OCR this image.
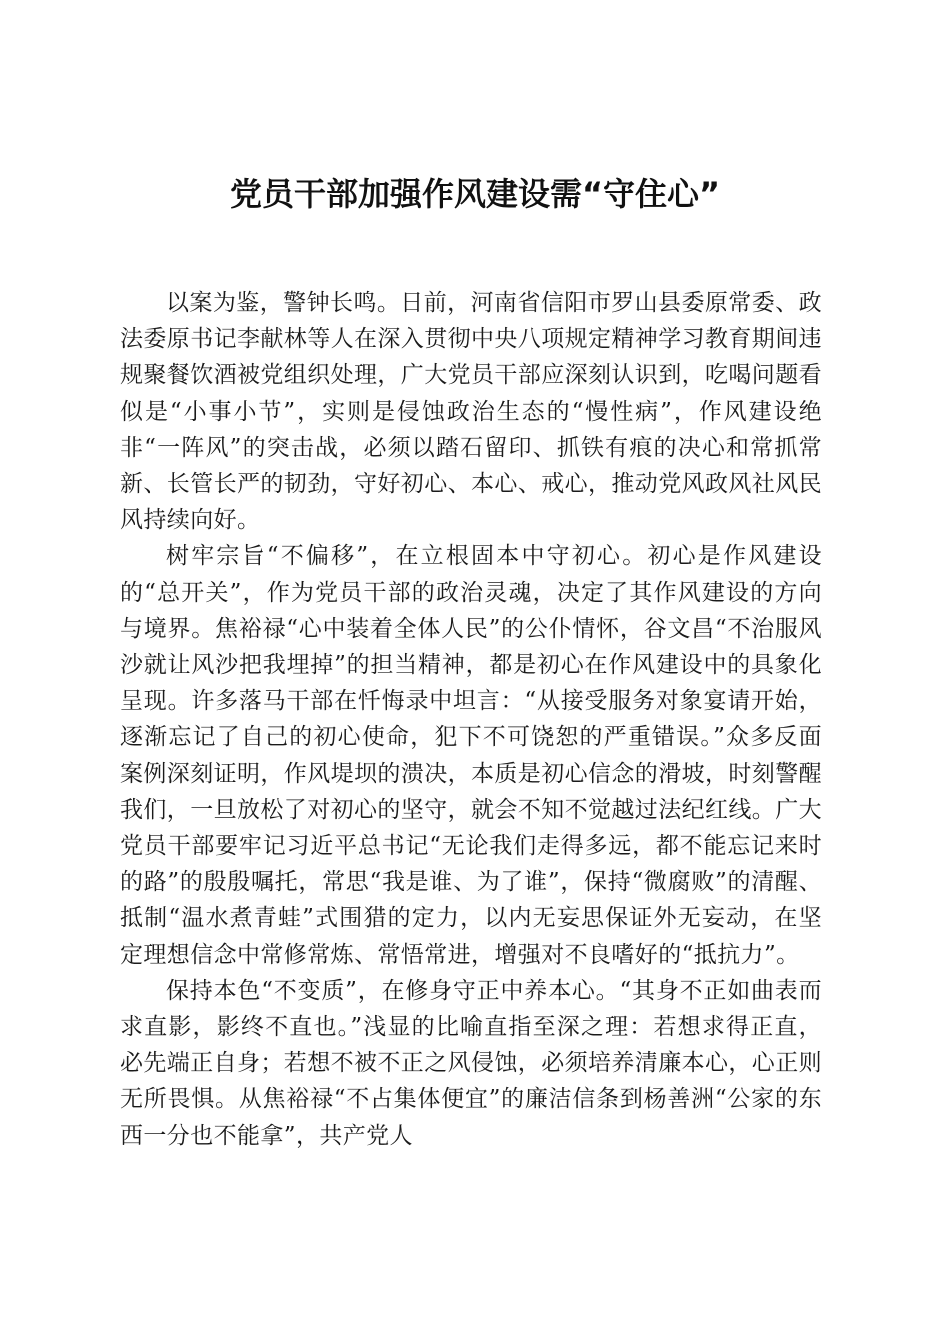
党员干部加强作风建设需“守住心”

以案为鉴，警钟长鸣。日前，河南省信阳市罗山县委原常委、政法委原书记李献林等人在深入贯彻中央八项规定精神学习教育期间违规聚餐饮酒被党组织处理，广大党员干部应深刻认识到，吃喝问题看似是“小事小节”，实则是侵蚀政治生态的“慢性病”，作风建设绝非“一阵风”的突击战，必须以踏石留印、抓铁有痕的决心和常抓常新、长管长严的韧劲，守好初心、本心、戒心，推动党风政风社风民风持续向好。

树牢宗旨“不偏移”，在立根固本中守初心。初心是作风建设的“总开关”，作为党员干部的政治灵魂，决定了其作风建设的方向与境界。焦裕禄“心中装着全体人民”的公仆情怀，谷文昌“不治服风沙就让风沙把我埋掉”的担当精神，都是初心在作风建设中的具象化呈现。许多落马干部在忏悔录中坦言：“从接受服务对象宴请开始，逐渐忘记了自己的初心使命，犯下不可饶恕的严重错误。”众多反面案例深刻证明，作风堤坝的溃决，本质是初心信念的滑坡，时刻警醒我们，一旦放松了对初心的坚守，就会不知不觉越过法纪红线。广大党员干部要牢记习近平总书记“无论我们走得多远，都不能忘记来时的路”的殷殷嘱托，常思“我是谁、为了谁”，保持“微腐败”的清醒、抵制“温水煮青蛙”式围猎的定力，以内无妄思保证外无妄动，在坚定理想信念中常修常炼、常悟常进，增强对不良嗜好的“抵抗力”。

保持本色“不变质”，在修身守正中养本心。“其身不正如曲表而求直影，影终不直也。”浅显的比喻直指至深之理：若想求得正直，必先端正自身；若想不被不正之风侵蚀，必须培养清廉本心，心正则无所畏惧。从焦裕禄“不占集体便宜”的廉洁信条到杨善洲“公家的东西一分也不能拿”，共产党人
